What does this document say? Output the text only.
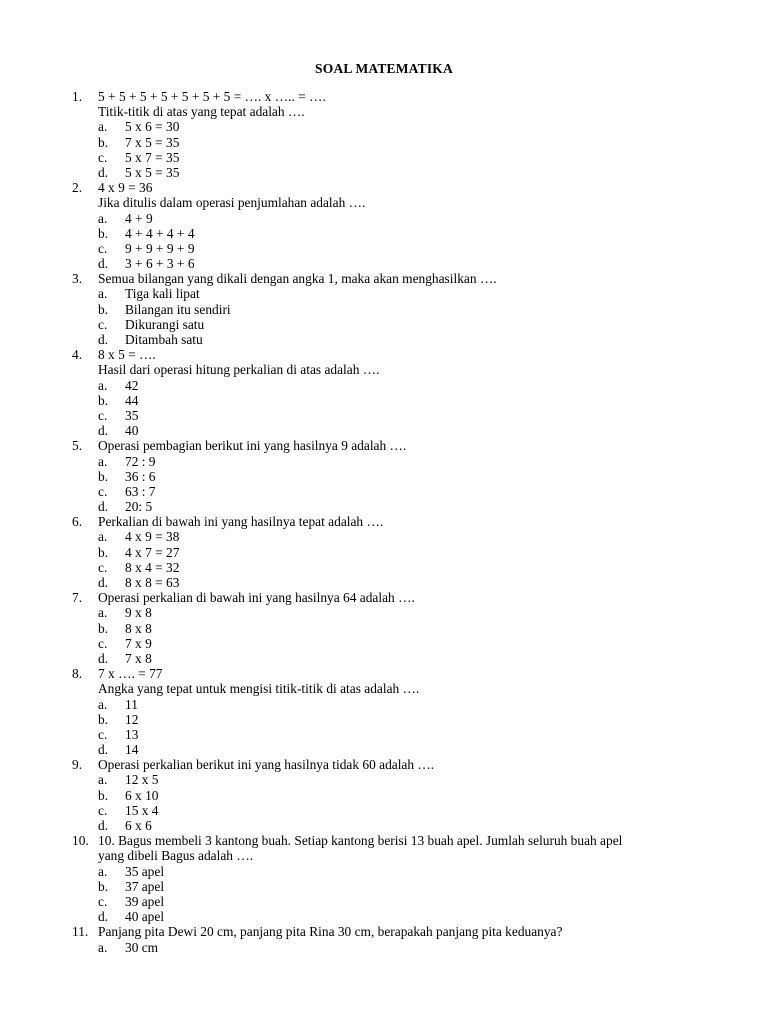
SOAL MATEMATIKA
1.	5 + 5 + 5 + 5 + 5 + 5 + 5 = …. x ….. = ….
Titik-titik di atas yang tepat adalah ….
a. 5 x 6 = 30
b. 7 x 5 = 35
c. 5 x 7 = 35
d. 5 x 5 = 35
2.	4 x 9 = 36
Jika ditulis dalam operasi penjumlahan adalah ….
a. 4 + 9
b. 4 + 4 + 4 + 4
c. 9 + 9 + 9 + 9
d. 3 + 6 + 3 + 6
3.	Semua bilangan yang dikali dengan angka 1, maka akan menghasilkan ….
a. Tiga kali lipat
b. Bilangan itu sendiri
c. Dikurangi satu
d. Ditambah satu
4.	8 x 5 = ….
Hasil dari operasi hitung perkalian di atas adalah ….
a. 42
b. 44
c. 35
d. 40
5.	Operasi pembagian berikut ini yang hasilnya 9 adalah ….
a. 72 : 9
b. 36 : 6
c. 63 : 7
d. 20: 5
6.	Perkalian di bawah ini yang hasilnya tepat adalah ….
a. 4 x 9 = 38
b. 4 x 7 = 27
c. 8 x 4 = 32
d. 8 x 8 = 63
7.	Operasi perkalian di bawah ini yang hasilnya 64 adalah ….
a. 9 x 8
b. 8 x 8
c. 7 x 9
d. 7 x 8
8.	7 x …. = 77
Angka yang tepat untuk mengisi titik-titik di atas adalah ….
a. 11
b. 12
c. 13
d. 14
9.	Operasi perkalian berikut ini yang hasilnya tidak 60 adalah ….
a. 12 x 5
b. 6 x 10
c. 15 x 4
d. 6 x 6
10. 10. Bagus membeli 3 kantong buah. Setiap kantong berisi 13 buah apel. Jumlah seluruh buah apel
yang dibeli Bagus adalah ….
a. 35 apel
b. 37 apel
c. 39 apel
d. 40 apel
11. Panjang pita Dewi 20 cm, panjang pita Rina 30 cm, berapakah panjang pita keduanya?
a. 30 cm
